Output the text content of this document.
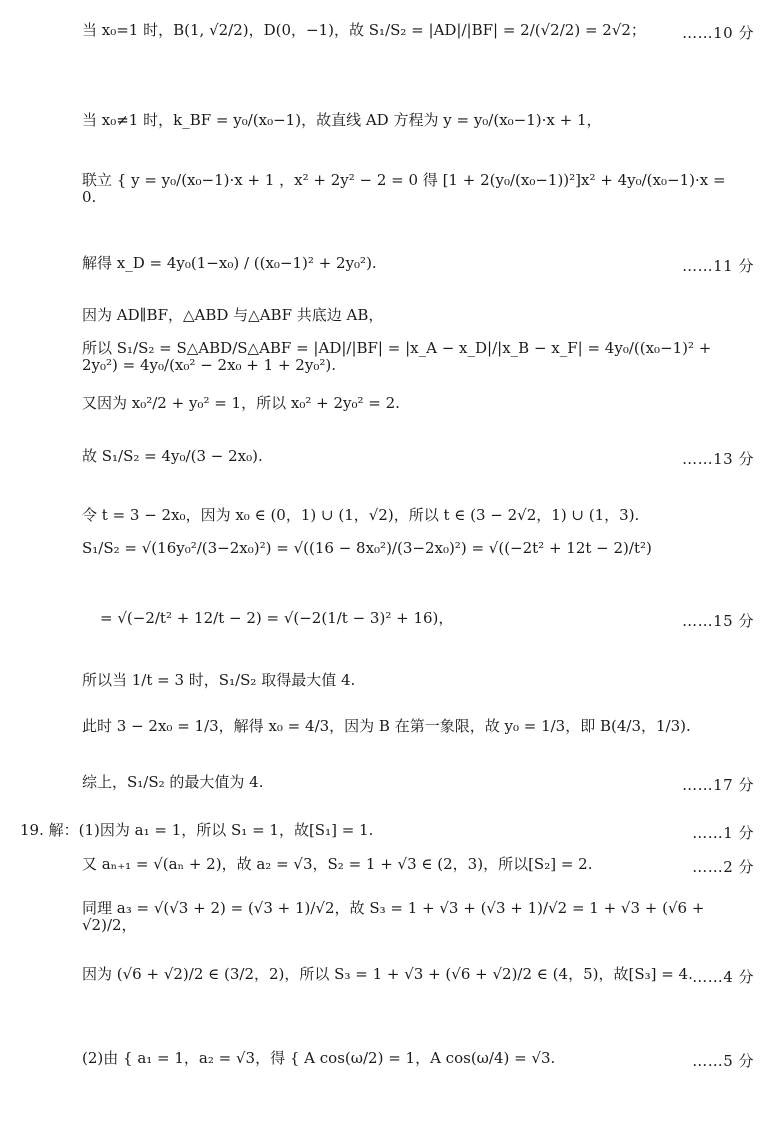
当 x₀=1 时，B(1, √2/2)，D(0，−1)，故 S₁/S₂ = |AD|/|BF| = 2/(√2/2) = 2√2； ……10 分
当 x₀≠1 时，k_BF = y₀/(x₀−1)，故直线 AD 方程为 y = y₀/(x₀−1)·x + 1，
联立 { y = y₀/(x₀−1)·x + 1 ，x² + 2y² − 2 = 0 得 [1 + 2(y₀/(x₀−1))²]x² + 4y₀/(x₀−1)·x = 0.
解得 x_D = 4y₀(1−x₀) / ((x₀−1)² + 2y₀²).	……11 分
因为 AD∥BF，△ABD 与△ABF 共底边 AB，
所以 S₁/S₂ = S△ABD/S△ABF = |AD|/|BF| = |x_A − x_D|/|x_B − x_F| = 4y₀/((x₀−1)² + 2y₀²) = 4y₀/(x₀² − 2x₀ + 1 + 2y₀²).
又因为 x₀²/2 + y₀² = 1，所以 x₀² + 2y₀² = 2.
故 S₁/S₂ = 4y₀/(3 − 2x₀).	……13 分
令 t = 3 − 2x₀，因为 x₀ ∈ (0，1) ∪ (1，√2)，所以 t ∈ (3 − 2√2，1) ∪ (1，3).
S₁/S₂ = √(16y₀²/(3−2x₀)²) = √((16 − 8x₀²)/(3−2x₀)²) = √((−2t² + 12t − 2)/t²)
= √(−2/t² + 12/t − 2) = √(−2(1/t − 3)² + 16)，	……15 分
所以当 1/t = 3 时，S₁/S₂ 取得最大值 4.
此时 3 − 2x₀ = 1/3，解得 x₀ = 4/3，因为 B 在第一象限，故 y₀ = 1/3，即 B(4/3，1/3).
综上，S₁/S₂ 的最大值为 4.	……17 分
19. 解：(1)因为 a₁ = 1，所以 S₁ = 1，故[S₁] = 1.	……1 分
又 aₙ₊₁ = √(aₙ + 2)，故 a₂ = √3，S₂ = 1 + √3 ∈ (2，3)，所以[S₂] = 2.	……2 分
同理 a₃ = √(√3 + 2) = (√3 + 1)/√2，故 S₃ = 1 + √3 + (√3 + 1)/√2 = 1 + √3 + (√6 + √2)/2，
因为 (√6 + √2)/2 ∈ (3/2，2)，所以 S₃ = 1 + √3 + (√6 + √2)/2 ∈ (4，5)，故[S₃] = 4. ……4 分
(2)由 { a₁ = 1，a₂ = √3，得 { A cos(ω/2) = 1，A cos(ω/4) = √3.	……5 分
